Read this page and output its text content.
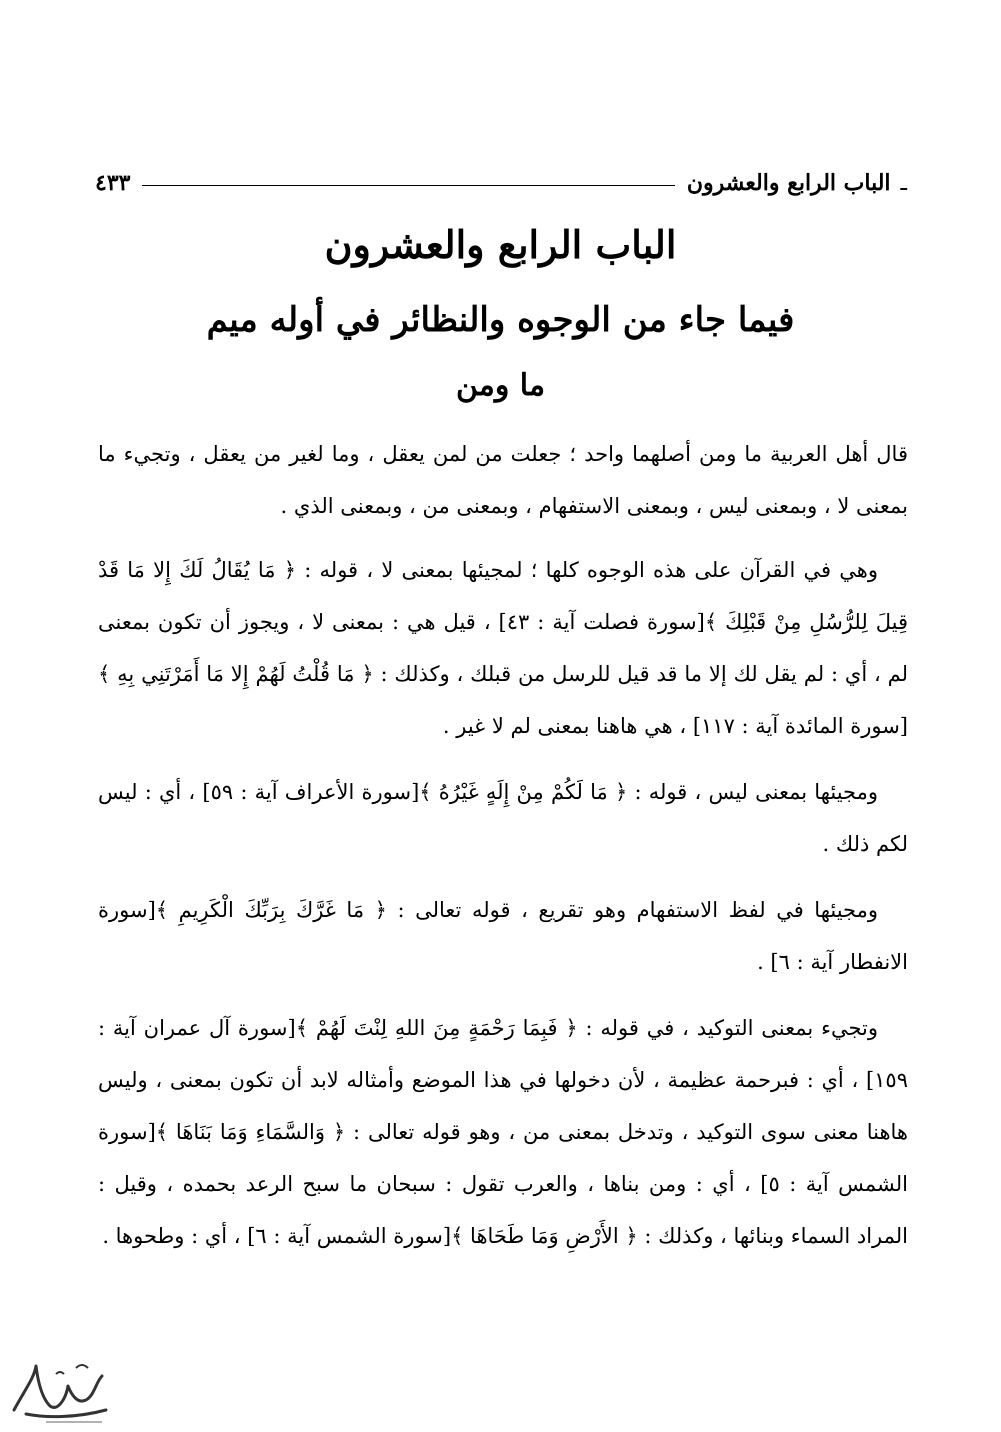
ـ
الباب الرابع والعشرون
٤٣٣
الباب الرابع والعشرون
فيما جاء من الوجوه والنظائر في أوله ميم
ما ومن

قال أهل العربية ما ومن أصلهما واحد ؛ جعلت من لمن يعقل ، وما لغير من يعقل ، وتجيء ما بمعنى لا ، وبمعنى ليس ، وبمعنى الاستفهام ، وبمعنى من ، وبمعنى الذي .

وهي في القرآن على هذه الوجوه كلها ؛ لمجيئها بمعنى لا ، قوله : ﴿ مَا يُقَالُ لَكَ إِلا مَا قَدْ قِيلَ لِلرُّسُلِ مِنْ قَبْلِكَ ﴾[سورة فصلت آية : ٤٣] ، قيل هي : بمعنى لا ، ويجوز أن تكون بمعنى لم ، أي : لم يقل لك إلا ما قد قيل للرسل من قبلك ، وكذلك : ﴿ مَا قُلْتُ لَهُمْ إِلا مَا أَمَرْتَنِي بِهِ ﴾[سورة المائدة آية : ١١٧] ، هي هاهنا بمعنى لم لا غير .

ومجيئها بمعنى ليس ، قوله : ﴿ مَا لَكُمْ مِنْ إِلَهٍ غَيْرُهُ ﴾[سورة الأعراف آية : ٥٩] ، أي : ليس لكم ذلك .

ومجيئها في لفظ الاستفهام وهو تقريع ، قوله تعالى : ﴿ مَا غَرَّكَ بِرَبِّكَ الْكَرِيمِ ﴾[سورة الانفطار آية : ٦] .

وتجيء بمعنى التوكيد ، في قوله : ﴿ فَبِمَا رَحْمَةٍ مِنَ اللهِ لِنْتَ لَهُمْ ﴾[سورة آل عمران آية : ١٥٩] ، أي : فبرحمة عظيمة ، لأن دخولها في هذا الموضع وأمثاله لابد أن تكون بمعنى ، وليس هاهنا معنى سوى التوكيد ، وتدخل بمعنى من ، وهو قوله تعالى : ﴿ وَالسَّمَاءِ وَمَا بَنَاهَا ﴾[سورة الشمس آية : ٥] ، أي : ومن بناها ، والعرب تقول : سبحان ما سبح الرعد بحمده ، وقيل : المراد السماء وبنائها ، وكذلك : ﴿ الأَرْضِ وَمَا طَحَاهَا ﴾[سورة الشمس آية : ٦] ، أي : وطحوها .
